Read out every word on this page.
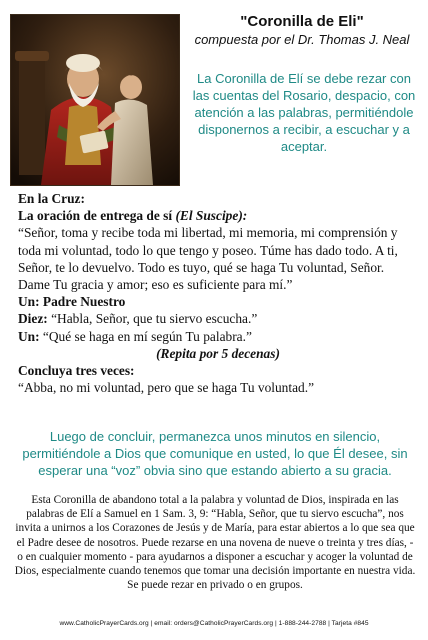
"Coronilla de Eli"
compuesta por el Dr. Thomas J. Neal
La Coronilla de Elí se debe rezar con las cuentas del Rosario, despacio, con atención a las palabras, permitiéndole disponernos a recibir, a escuchar y a aceptar.

En la Cruz:

La oración de entrega de sí (El Suscipe):

“Señor, toma y recibe toda mi libertad, mi memoria, mi comprensión y toda mi voluntad, todo lo que tengo y poseo. Túme has dado todo. A ti, Señor, te lo devuelvo. Todo es tuyo, qué se haga Tu voluntad, Señor.

Dame Tu gracia y amor; eso es suficiente para mí.”

Un: Padre Nuestro

Diez: “Habla, Señor, que tu siervo escucha.”

Un: “Qué se haga en mí según Tu palabra.”

(Repita por 5 decenas)

Concluya tres veces:

“Abba, no mi voluntad, pero que se haga Tu voluntad.”

Luego de concluir, permanezca unos minutos en silencio, permitiéndole a Dios que comunique en usted, lo que Él desee, sin esperar una “voz” obvia sino que estando abierto a su gracia.
Esta Coronilla de abandono total a la palabra y voluntad de Dios, inspirada en las palabras de Elí a Samuel en 1 Sam. 3, 9: “Habla, Señor, que tu siervo escucha”, nos invita a unirnos a los Corazones de Jesús y de María, para estar abiertos a lo que sea que el Padre desee de nosotros. Puede rezarse en una novena de nueve o treinta y tres días, - o en cualquier momento - para ayudarnos a disponer a escuchar y acoger la voluntad de Dios, especialmente cuando tenemos que tomar una decisión importante en nuestra vida. Se puede rezar en privado o en grupos.
www.CatholicPrayerCards.org | email: orders@CatholicPrayerCards.org | 1-888-244-2788 | Tarjeta #845
